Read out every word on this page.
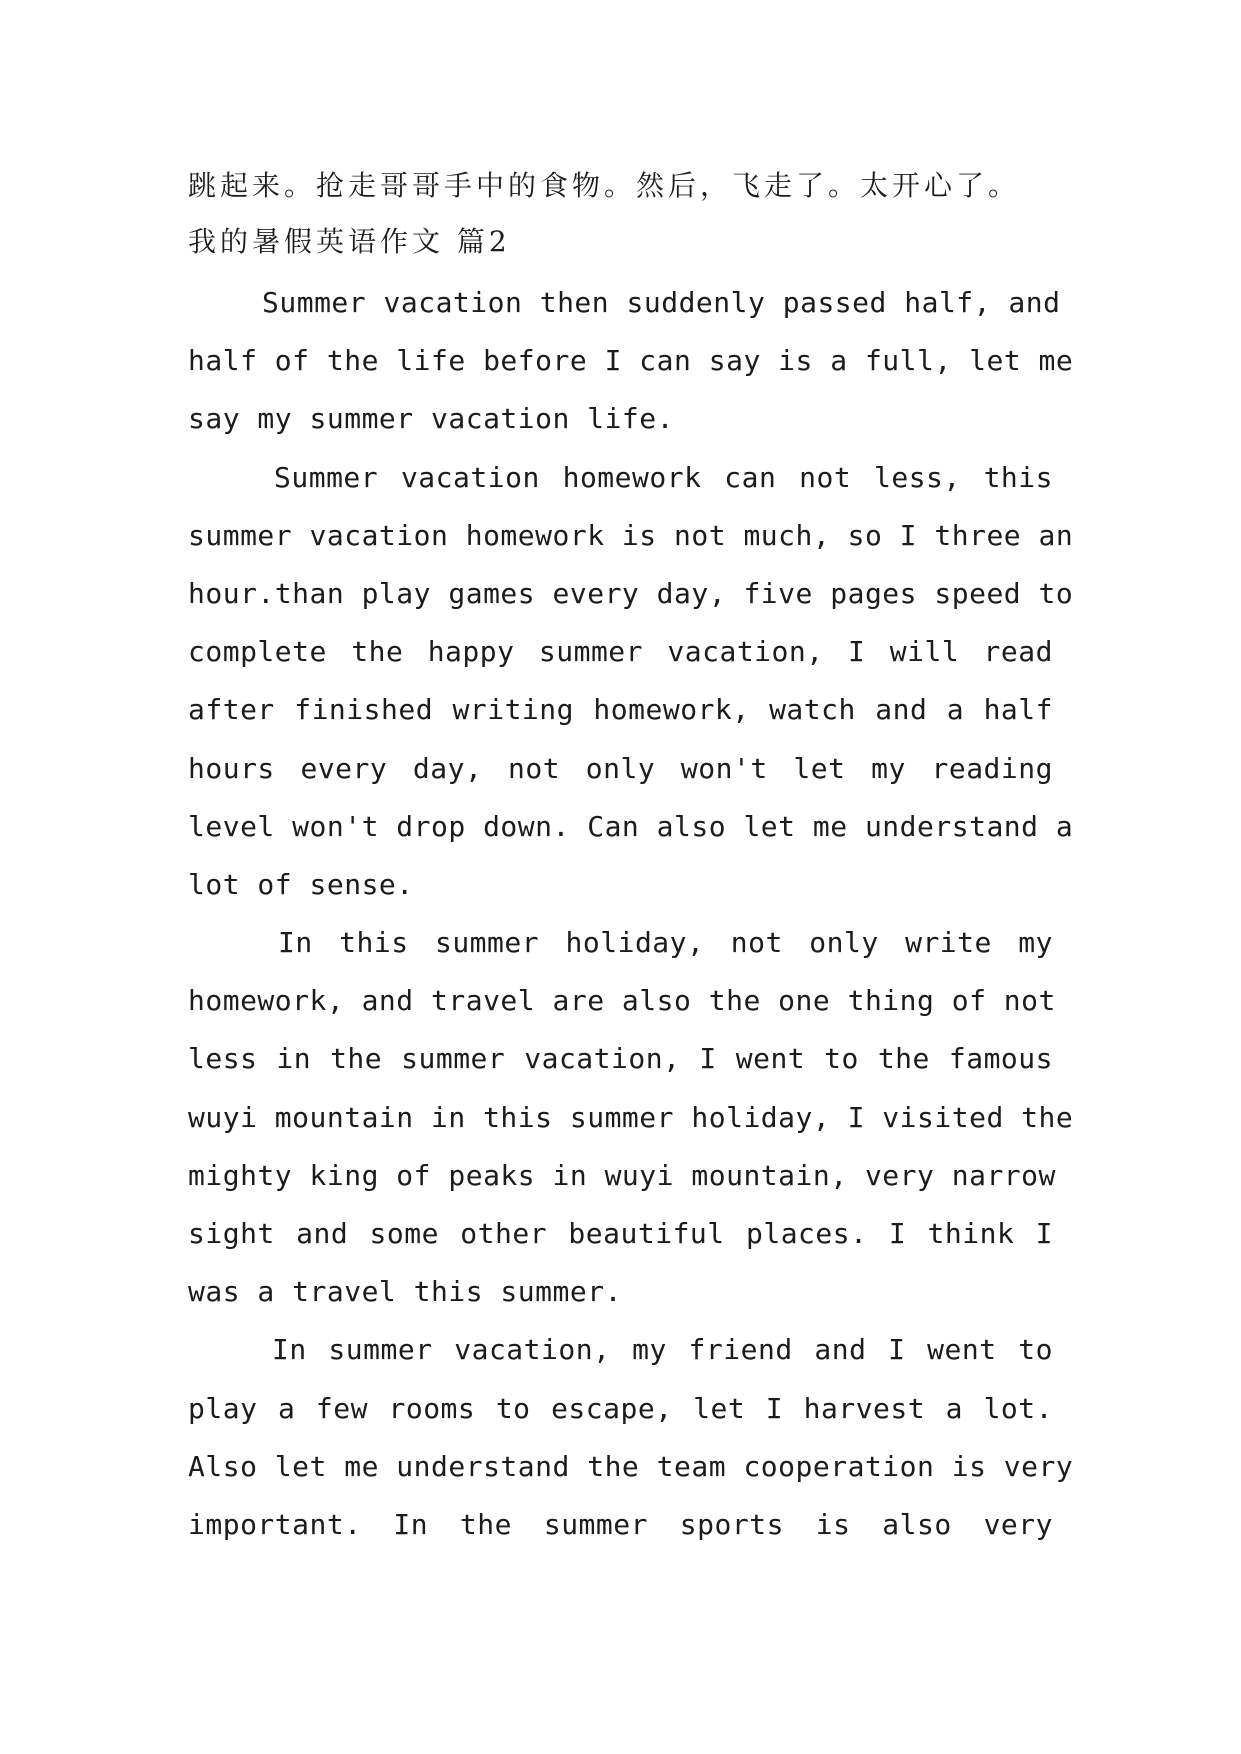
跳起来。抢走哥哥手中的食物。然后，飞走了。太开心了。
我的暑假英语作文 篇2
Summer vacation then suddenly passed half, and
half of the life before I can say is a full, let me
say my summer vacation life.
Summer vacation homework can not less, this
summer vacation homework is not much, so I three an
hour.than play games every day, five pages speed to
complete the happy summer vacation, I will read
after finished writing homework, watch and a half
hours every day, not only won't let my reading
level won't drop down. Can also let me understand a
lot of sense.
In this summer holiday, not only write my
homework, and travel are also the one thing of not
less in the summer vacation, I went to the famous
wuyi mountain in this summer holiday, I visited the
mighty king of peaks in wuyi mountain, very narrow
sight and some other beautiful places. I think I
was a travel this summer.
In summer vacation, my friend and I went to
play a few rooms to escape, let I harvest a lot.
Also let me understand the team cooperation is very
important. In the summer sports is also very
